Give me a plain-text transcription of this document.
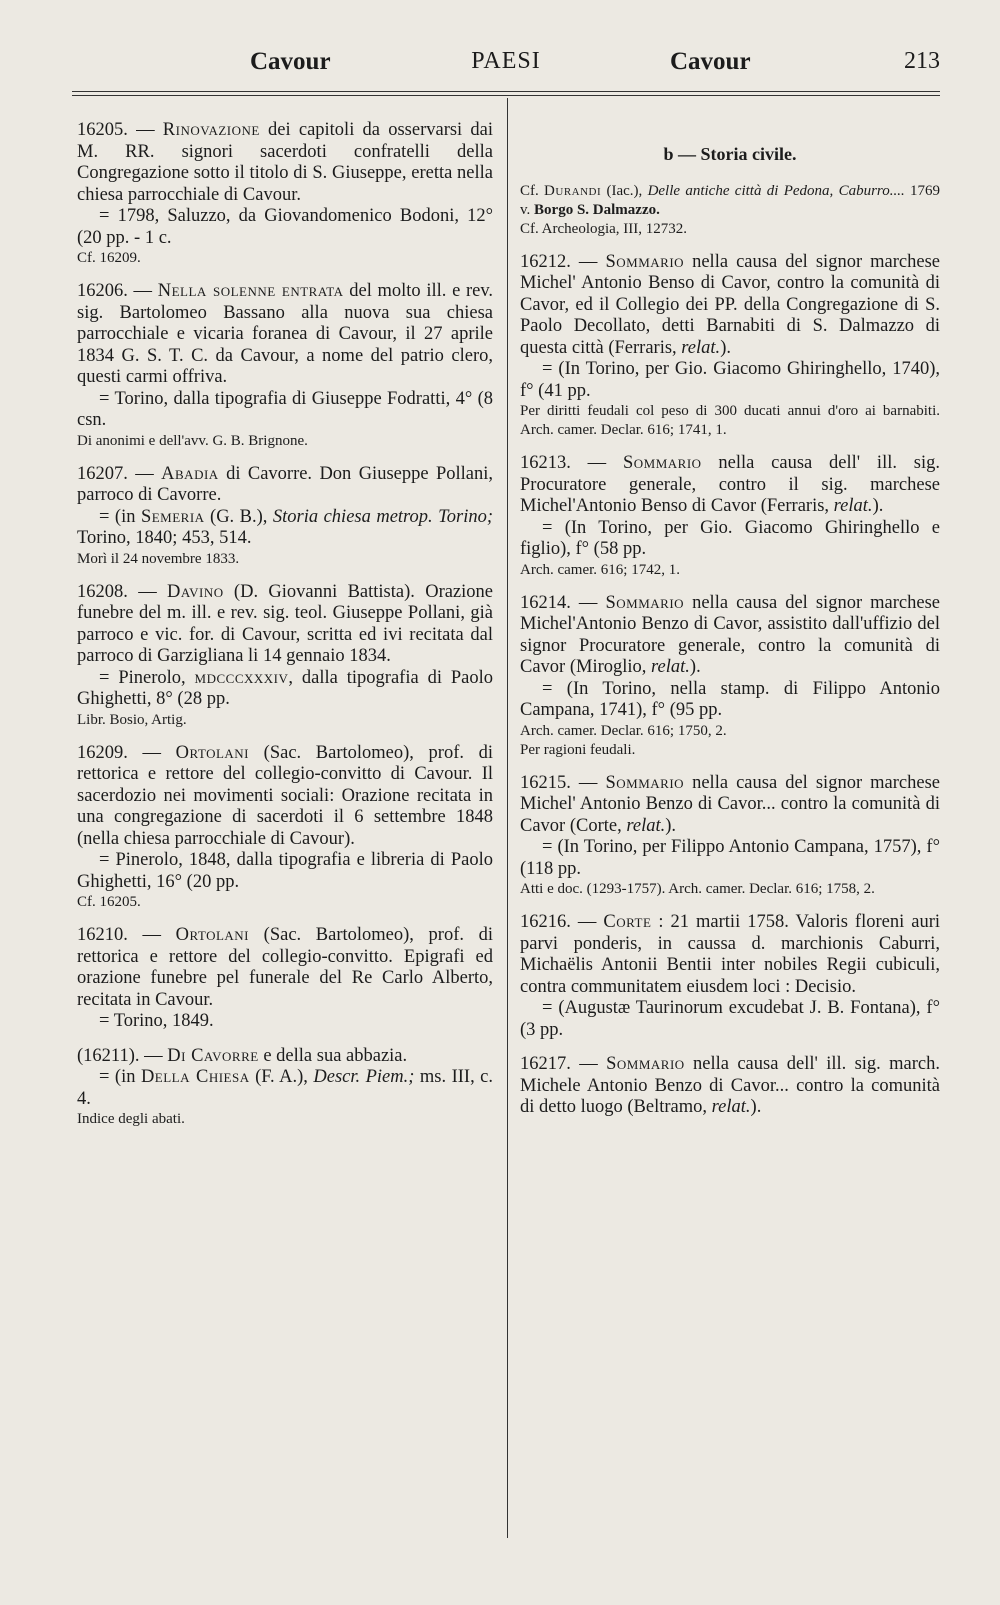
Cavour	PAESI	Cavour	213

16205. — Rinovazione dei capitoli da osservarsi dai M. RR. signori sacerdoti confratelli della Congregazione sotto il titolo di S. Giuseppe, eretta nella chiesa parrocchiale di Cavour.

= 1798, Saluzzo, da Giovandomenico Bodoni, 12° (20 pp. - 1 c.

Cf. 16209.

16206. — Nella solenne entrata del molto ill. e rev. sig. Bartolomeo Bassano alla nuova sua chiesa parrocchiale e vicaria foranea di Cavour, il 27 aprile 1834 G. S. T. C. da Cavour, a nome del patrio clero, questi carmi offriva.

= Torino, dalla tipografia di Giuseppe Fodratti, 4° (8 csn.

Di anonimi e dell'avv. G. B. Brignone.

16207. — Abadia di Cavorre. Don Giuseppe Pollani, parroco di Cavorre.

= (in Semeria (G. B.), Storia chiesa metrop. Torino; Torino, 1840; 453, 514.

Morì il 24 novembre 1833.

16208. — Davino (D. Giovanni Battista). Orazione funebre del m. ill. e rev. sig. teol. Giuseppe Pollani, già parroco e vic. for. di Cavour, scritta ed ivi recitata dal parroco di Garzigliana li 14 gennaio 1834.

= Pinerolo, mdcccxxxiv, dalla tipografia di Paolo Ghighetti, 8° (28 pp.

Libr. Bosio, Artig.

16209. — Ortolani (Sac. Bartolomeo), prof. di rettorica e rettore del collegio-convitto di Cavour. Il sacerdozio nei movimenti sociali: Orazione recitata in una congregazione di sacerdoti il 6 settembre 1848 (nella chiesa parrocchiale di Cavour).

= Pinerolo, 1848, dalla tipografia e libreria di Paolo Ghighetti, 16° (20 pp.

Cf. 16205.

16210. — Ortolani (Sac. Bartolomeo), prof. di rettorica e rettore del collegio-convitto. Epigrafi ed orazione funebre pel funerale del Re Carlo Alberto, recitata in Cavour.

= Torino, 1849.

(16211). — Di Cavorre e della sua abbazia.

= (in Della Chiesa (F. A.), Descr. Piem.; ms. III, c. 4.

Indice degli abati.

b — Storia civile.

Cf. Durandi (Iac.), Delle antiche città di Pedona, Caburro.... 1769 v. Borgo S. Dalmazzo.

Cf. Archeologia, III, 12732.

16212. — Sommario nella causa del signor marchese Michel' Antonio Benso di Cavor, contro la comunità di Cavor, ed il Collegio dei PP. della Congregazione di S. Paolo Decollato, detti Barnabiti di S. Dalmazzo di questa città (Ferraris, relat.).

= (In Torino, per Gio. Giacomo Ghiringhello, 1740), f° (41 pp.

Per diritti feudali col peso di 300 ducati annui d'oro ai barnabiti. Arch. camer. Declar. 616; 1741, 1.

16213. — Sommario nella causa dell' ill. sig. Procuratore generale, contro il sig. marchese Michel'Antonio Benso di Cavor (Ferraris, relat.).

= (In Torino, per Gio. Giacomo Ghiringhello e figlio), f° (58 pp.

Arch. camer. 616; 1742, 1.

16214. — Sommario nella causa del signor marchese Michel'Antonio Benzo di Cavor, assistito dall'uffizio del signor Procuratore generale, contro la comunità di Cavor (Miroglio, relat.).

= (In Torino, nella stamp. di Filippo Antonio Campana, 1741), f° (95 pp.

Arch. camer. Declar. 616; 1750, 2.

Per ragioni feudali.

16215. — Sommario nella causa del signor marchese Michel' Antonio Benzo di Cavor... contro la comunità di Cavor (Corte, relat.).

= (In Torino, per Filippo Antonio Campana, 1757), f° (118 pp.

Atti e doc. (1293-1757). Arch. camer. Declar. 616; 1758, 2.

16216. — Corte : 21 martii 1758. Valoris floreni auri parvi ponderis, in caussa d. marchionis Caburri, Michaëlis Antonii Bentii inter nobiles Regii cubiculi, contra communitatem eiusdem loci : Decisio.

= (Augustæ Taurinorum excudebat J. B. Fontana), f° (3 pp.

16217. — Sommario nella causa dell' ill. sig. march. Michele Antonio Benzo di Cavor... contro la comunità di detto luogo (Beltramo, relat.).
